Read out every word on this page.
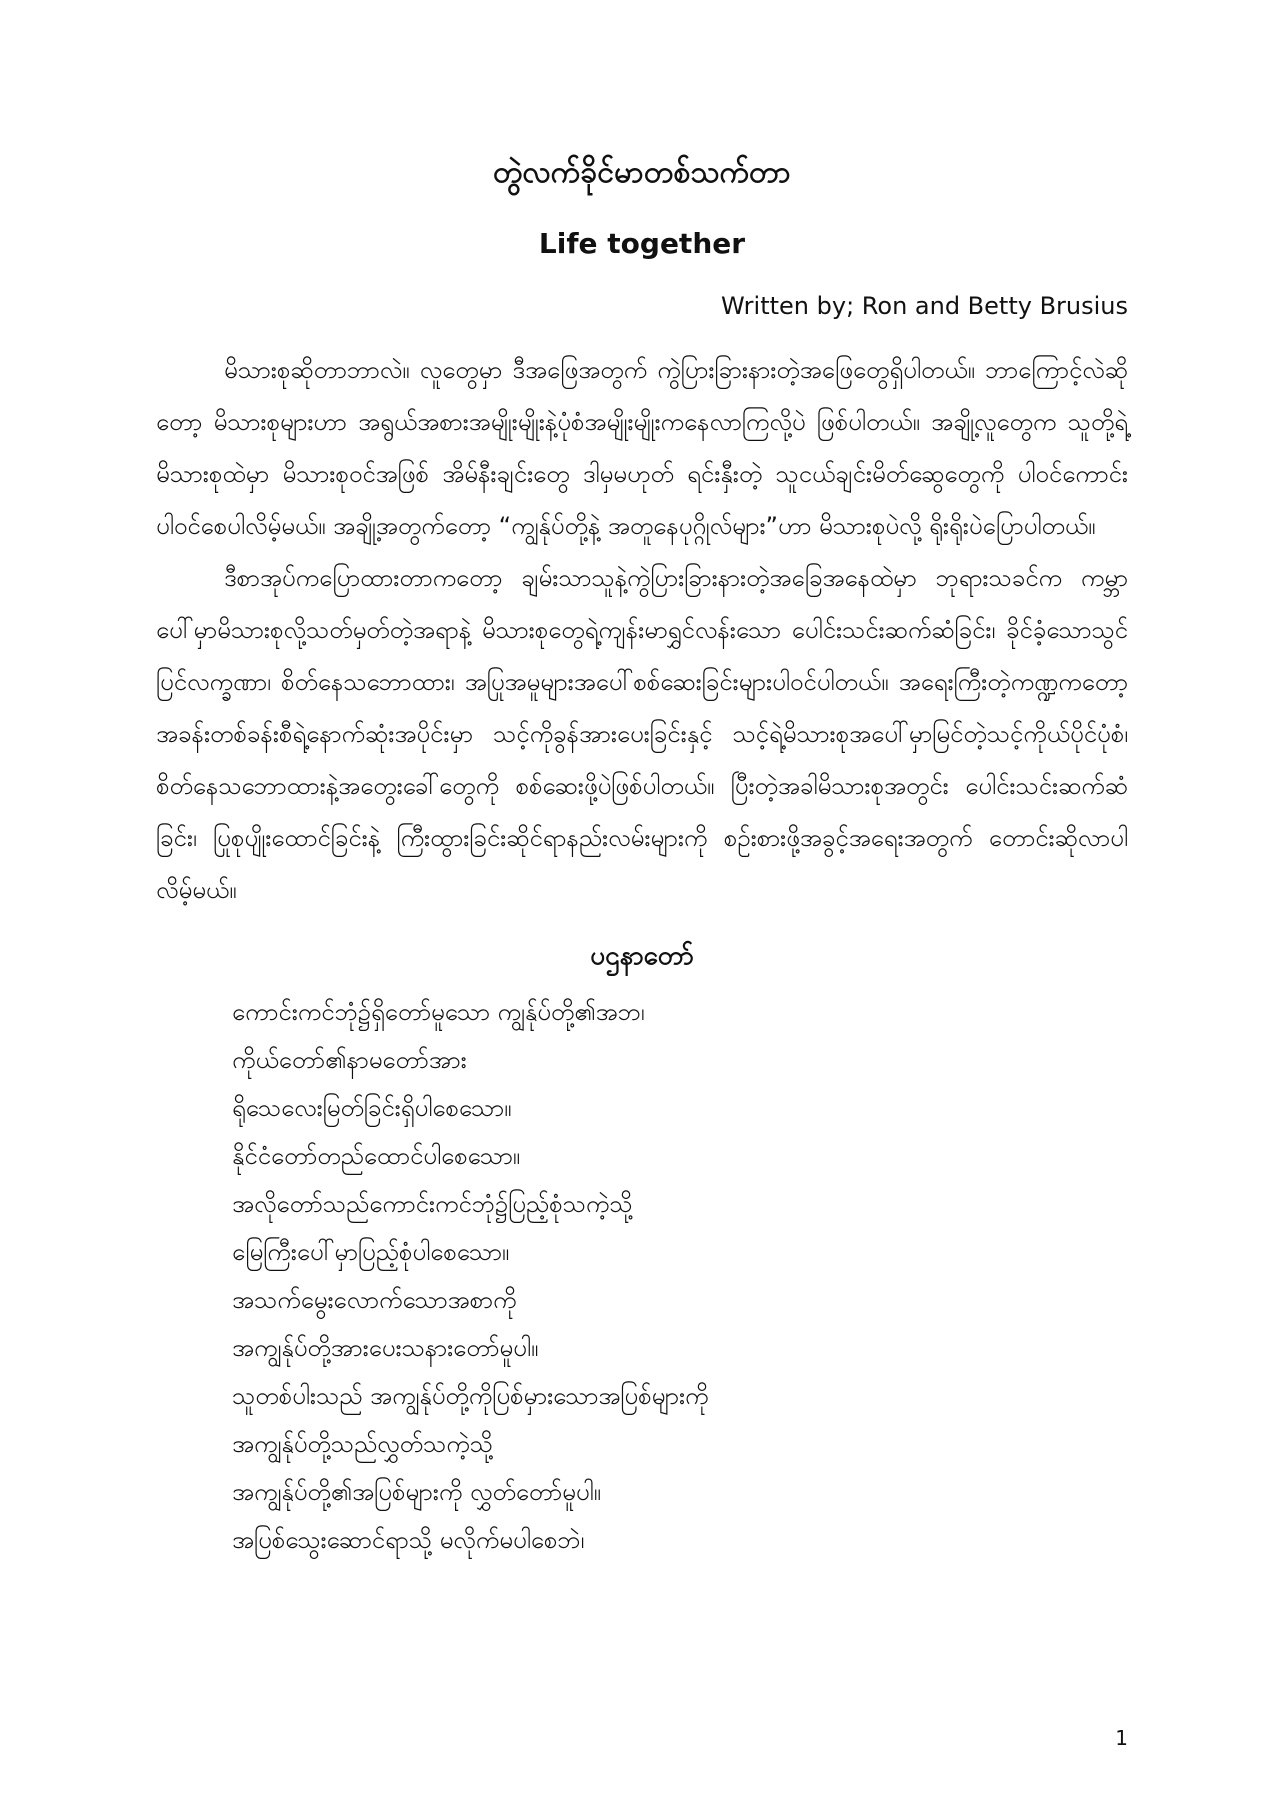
တွဲလက်ခိုင်မာတစ်သက်တာ
Life together
Written by; Ron and Betty Brusius

မိသားစုဆိုတာဘာလဲ။ လူတွေမှာ ဒီအဖြေအတွက် ကွဲပြားခြားနားတဲ့အဖြေတွေရှိပါတယ်။ ဘာကြောင့်လဲဆိုတော့ မိသားစုများဟာ အရွယ်အစားအမျိုးမျိုးနဲ့ပုံစံအမျိုးမျိုးကနေလာကြလို့ပဲ ဖြစ်ပါတယ်။ အချို့လူတွေက သူတို့ရဲ့မိသားစုထဲမှာ မိသားစုဝင်အဖြစ် အိမ်နီးချင်းတွေ ဒါမှမဟုတ် ရင်းနှီးတဲ့ သူငယ်ချင်းမိတ်ဆွေတွေကို ပါဝင်ကောင်းပါဝင်စေပါလိမ့်မယ်။ အချို့အတွက်တော့ “ကျွန်ုပ်တို့နဲ့ အတူနေပုဂ္ဂိုလ်များ”ဟာ မိသားစုပဲလို့ ရိုးရိုးပဲပြောပါတယ်။

ဒီစာအုပ်ကပြောထားတာကတော့ ချမ်းသာသူနဲ့ကွဲပြားခြားနားတဲ့အခြေအနေထဲမှာ ဘုရားသခင်က ကမ္ဘာပေါ်မှာမိသားစုလို့သတ်မှတ်တဲ့အရာနဲ့ မိသားစုတွေရဲ့ကျန်းမာရွှင်လန်းသော ပေါင်းသင်းဆက်ဆံခြင်း၊ ခိုင်ခံ့သောသွင်ပြင်လက္ခဏာ၊ စိတ်နေသဘောထား၊ အပြုအမူများအပေါ်စစ်ဆေးခြင်းများပါဝင်ပါတယ်။ အရေးကြီးတဲ့ကဏ္ဍကတော့အခန်းတစ်ခန်းစီရဲ့နောက်ဆုံးအပိုင်းမှာ သင့်ကိုခွန်အားပေးခြင်းနှင့် သင့်ရဲ့မိသားစုအပေါ်မှာမြင်တဲ့သင့်ကိုယ်ပိုင်ပုံစံ၊ စိတ်နေသဘောထားနဲ့အတွေးခေါ်တွေကို စစ်ဆေးဖို့ပဲဖြစ်ပါတယ်။ ပြီးတဲ့အခါမိသားစုအတွင်း ပေါင်းသင်းဆက်ဆံခြင်း၊ ပြုစုပျိုးထောင်ခြင်းနဲ့ ကြီးထွားခြင်းဆိုင်ရာနည်းလမ်းများကို စဉ်းစားဖို့အခွင့်အရေးအတွက် တောင်းဆိုလာပါလိမ့်မယ်။

ပဌနာတော်
ကောင်းကင်ဘုံ၌ရှိတော်မူသော ကျွန်ုပ်တို့၏အဘ၊
ကိုယ်တော်၏နာမတော်အား
ရိုသေလေးမြတ်ခြင်းရှိပါစေသော။
နိုင်ငံတော်တည်ထောင်ပါစေသော။
အလိုတော်သည်ကောင်းကင်ဘုံ၌ပြည့်စုံသကဲ့သို့
မြေကြီးပေါ်မှာပြည့်စုံပါစေသော။
အသက်မွေးလောက်သောအစာကို
အကျွန်ုပ်တို့အားပေးသနားတော်မူပါ။
သူတစ်ပါးသည် အကျွန်ုပ်တို့ကိုပြစ်မှားသောအပြစ်များကို
အကျွန်ုပ်တို့သည်လွှတ်သကဲ့သို့
အကျွန်ုပ်တို့၏အပြစ်များကို လွှတ်တော်မူပါ။
အပြစ်သွေးဆောင်ရာသို့ မလိုက်မပါစေဘဲ၊
1
